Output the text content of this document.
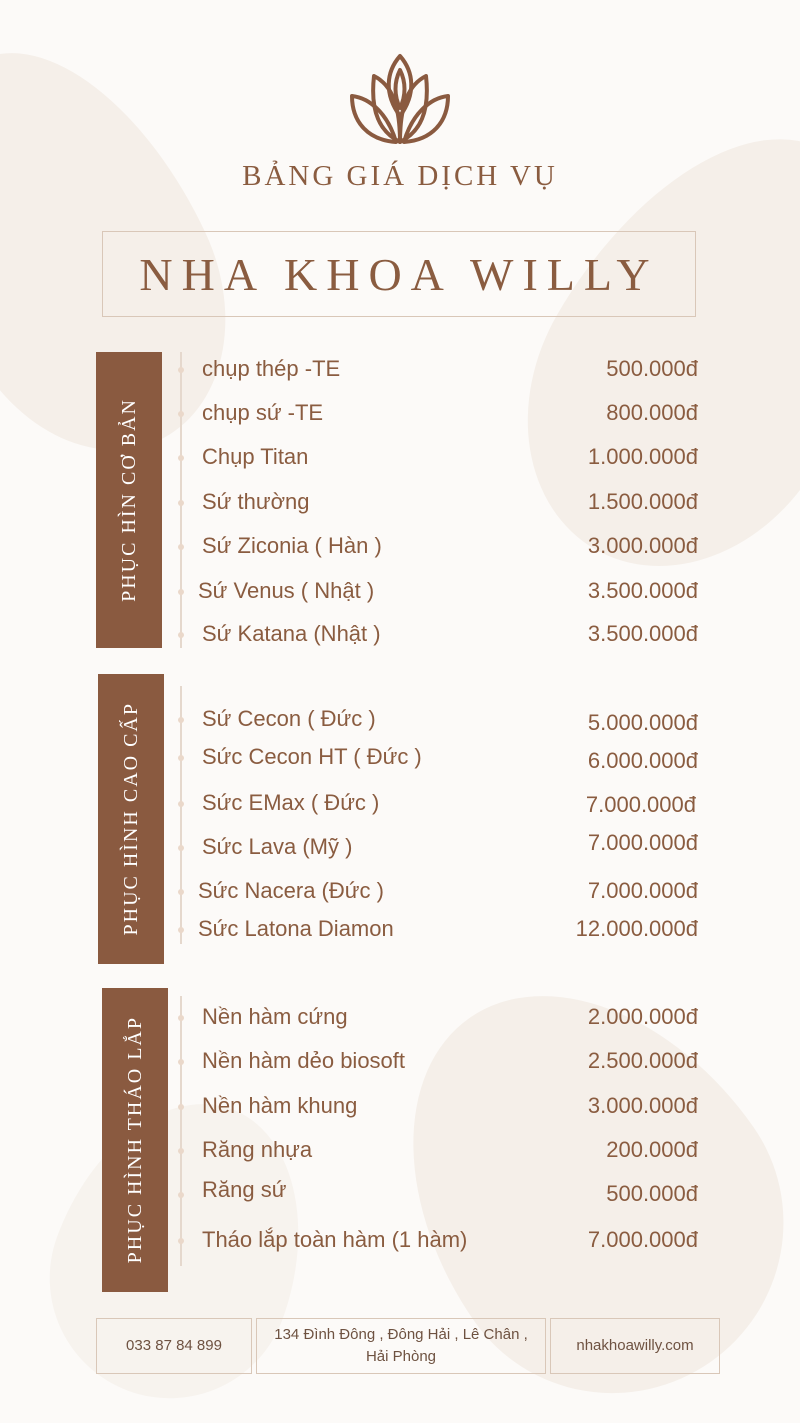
BẢNG GIÁ DỊCH VỤ
NHA KHOA WILLY
PHỤC HÌN CƠ BẢN
chụp thép -TE	500.000đ
chụp sứ -TE	800.000đ
Chụp Titan	1.000.000đ
Sứ thường	1.500.000đ
Sứ Ziconia ( Hàn )	3.000.000đ
Sứ Venus ( Nhật )	3.500.000đ
Sứ Katana (Nhật )	3.500.000đ
PHỤC HÌNH CAO CẤP	Sứ Cecon ( Đức )	5.000.000đ
Sức Cecon HT ( Đức )	6.000.000đ
Sức EMax ( Đức )	7.000.000đ
Sức Lava (Mỹ )	7.000.000đ
Sức Nacera (Đức )	7.000.000đ
Sức Latona Diamon	12.000.000đ
PHỤC HÌNH THÁO LẮP	Nền hàm cứng	2.000.000đ
Nền hàm dẻo biosoft	2.500.000đ
Nền hàm khung	3.000.000đ
Răng nhựa	200.000đ
Răng sứ	500.000đ
Tháo lắp toàn hàm (1 hàm)	7.000.000đ
033 87 84 899
134 Đình Đông , Đông Hải , Lê Chân ,
Hải Phòng
nhakhoawilly.com
